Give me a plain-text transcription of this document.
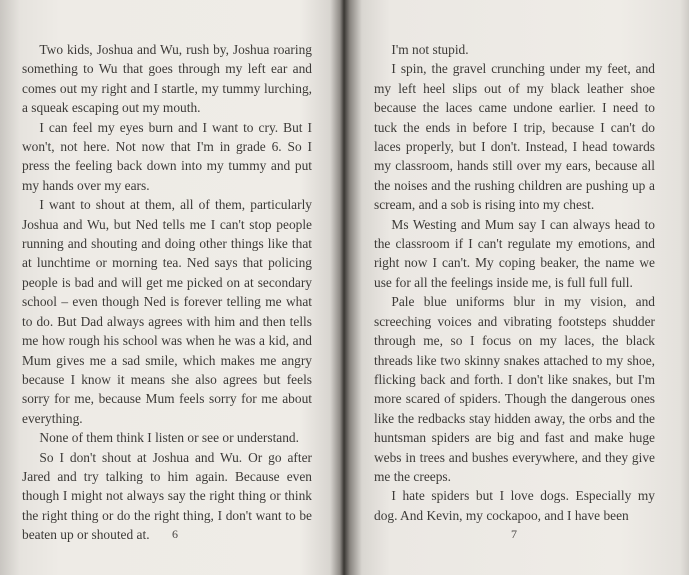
Two kids, Joshua and Wu, rush by, Joshua roaring something to Wu that goes through my left ear and comes out my right and I startle, my tummy lurching, a squeak escaping out my mouth.

I can feel my eyes burn and I want to cry. But I won't, not here. Not now that I'm in grade 6. So I press the feeling back down into my tummy and put my hands over my ears.

I want to shout at them, all of them, particularly Joshua and Wu, but Ned tells me I can't stop people running and shouting and doing other things like that at lunchtime or morning tea. Ned says that policing people is bad and will get me picked on at secondary school – even though Ned is forever telling me what to do. But Dad always agrees with him and then tells me how rough his school was when he was a kid, and Mum gives me a sad smile, which makes me angry because I know it means she also agrees but feels sorry for me, because Mum feels sorry for me about everything.

None of them think I listen or see or understand.

So I don't shout at Joshua and Wu. Or go after Jared and try talking to him again. Because even though I might not always say the right thing or think the right thing or do the right thing, I don't want to be beaten up or shouted at.	6

I'm not stupid.

I spin, the gravel crunching under my feet, and my left heel slips out of my black leather shoe because the laces came undone earlier. I need to tuck the ends in before I trip, because I can't do laces properly, but I don't. Instead, I head towards my classroom, hands still over my ears, because all the noises and the rushing children are pushing up a scream, and a sob is rising into my chest.

Ms Westing and Mum say I can always head to the classroom if I can't regulate my emotions, and right now I can't. My coping beaker, the name we use for all the feelings inside me, is full full full.

Pale blue uniforms blur in my vision, and screeching voices and vibrating footsteps shudder through me, so I focus on my laces, the black threads like two skinny snakes attached to my shoe, flicking back and forth. I don't like snakes, but I'm more scared of spiders. Though the dangerous ones like the redbacks stay hidden away, the orbs and the huntsman spiders are big and fast and make huge webs in trees and bushes everywhere, and they give me the creeps.

I hate spiders but I love dogs. Especially my dog. And Kevin, my cockapoo, and I have been

7
